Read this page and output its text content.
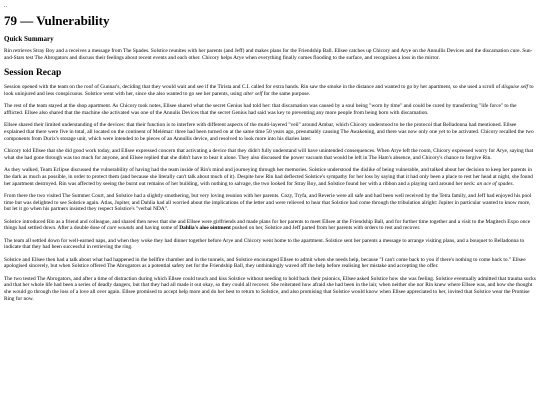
..
79 — Vulnerability
Quick Summary

Rin retrieves Stray Boy and a receives a message from The Spades. Solstice reunites with her parents (and Jeff) and makes plans for the Friendship Ball. Ellsee catches up Chicory and Arye on the Annullis Devices and the discarnation cure. Sun-and-Stars test The Abrogators and discuss their feelings about recent events and each other. Chicory helps Arye when everything finally comes flooding to the surface, and recognizes a loss in the mirror.

Session Recap

Session opened with the team on the roof of Gunnar's, deciding that they would wait and see if the Tirista and C.I. called for extra hands. Rin saw the smoke in the distance and wanted to go by her apartment, so she used a scroll of disguise self to look uninjured and less conspicuous. Solstice went with her, since she also wanted to go see her parents, using alter self for the same purpose.

The rest of the team stayed at the shop apartment. As Chicory took notes, Ellsee shared what the secret Genius had told her: that discarnation was caused by a soul being "worn by time" and could be cured by transferring "life force" to the afflicted. Ellsee also shared that the machine she activated was one of the Annulis Devices that the secret Genius had said was key to preventing any more people from being born with discarnation.

Ellsee shared their limited understanding of the devices: that their function is to interfere with different aspects of the multi-layered "veil" around Ambar, which Chicory understood to be the protocol that Belladonna had mentioned. Ellsee explained that there were five in total, all located on the continent of Melémar: three had been turned on at the same time 50 years ago, presumably causing The Awakening, and there was now only one yet to be activated. Chicory recalled the two components from Durix's storage unit, which were intended to be pieces of an Annullis device, and resolved to look more into his diaries later.

Chicory told Ellsee that she did good work today, and Ellsee expressed concern that activating a device that they didn't fully understand will have unintended consequences. When Arye left the room, Chicory expressed worry for Arye, saying that what she had gone through was too much for anyone, and Ellsee replied that she didn't have to bear it alone. They also discussed the power vacuum that would be left in The Ham's absence, and Chicory's chance to forgive Rin.

As they walked, Team Eclipse discussed the vulnerability of having had the team inside of Rin's mind and journeying through her memories. Solstice understood the dislike of being vulnerable, and talked about her decision to keep her parents in the dark as much as possible, in order to protect them (and because she literally can't talk about much of it). Despite how Rin had deflected Solstice's sympathy for her loss by saying that it had only been a place to rest her head at night, she found her apartment destroyed. Rin was affected by seeing the burnt out remains of her building, with nothing to salvage, the two looked for Stray Boy, and Solstice found her with a ribbon and a playing card around her neck: an ace of spades.

From there the two visited The Summer Court, and Solstice had a slightly smothering, but very loving reunion with her parents. Cozy, Tryfa, and Reverie were all safe and had been well received by the Tetra family, and Jeff had enjoyed his pool time but was delighted to see Solstice again. Atlas, Jupiter, and Dahlia had all worried about the implications of the letter and were relieved to hear that Solstice had come through the tribulation alright: Jupiter in particular wanted to know more, but let it go when his partners insisted they respect Solstice's "verbal NDA".

Solstice introduced Rin as a friend and colleague, and shared then news that she and Ellsee were girlfriends and made plans for her parents to meet Ellsee at the Friendship Ball, and for further time together and a visit to the Magitech Expo once things had settled down. After a double dose of cure wounds and having some of Dahlia's aloe ointment pushed on her, Solstice and Jeff parted from her parents with orders to rest and recover.

The team all settled down for well-earned naps, and when they woke they had dinner together before Arye and Chicory went home to the apartment. Solstice sent her parents a message to arrange visiting plans, and a bouquet to Belladonna to indicate that they had been successful in retrieving the ring.

Solstice and Ellsee then had a talk about what had happened in the bellfire chamber and in the tunnels, and Solstice encouraged Ellsee to admit when she needs help, because "I can't come back to you if there's nothing to come back to." Ellsee apologised sincerely, but when Solstice offered The Abrogators as a potential safety net for the Friendship Ball, they unthinkingly waved off the help before realising her mistake and accepting the offer.

The two tested The Abrogators, and after a time of distraction during which Ellsee could touch and kiss Solstice without needing to hold back their psionics, Ellsee asked Solstice how she was feeling. Solstice eventually admitted that trauma sucks and that her whole life had been a series of deadly dangers, but that they had all made it out okay, so they could all recover. She reiterated how afraid she had been in the lair, when neither she nor Rin knew where Ellsee was, and how she thought she would go through the loss of a love all over again. Ellsee promised to accept help more and do her best to return to Solstice, and also promising that Solstice would know when Ellsee appreciated to her, invited that Solstice wear the Promise Ring for now.
